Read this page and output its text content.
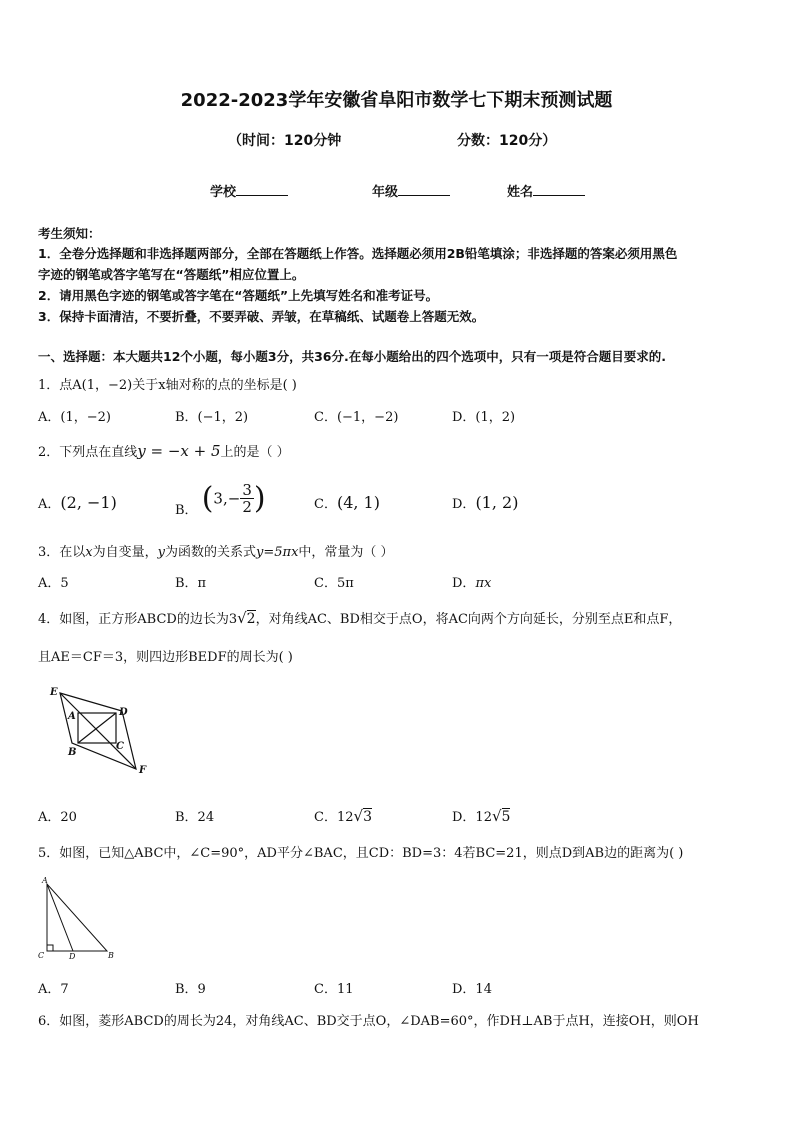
2022-2023学年安徽省阜阳市数学七下期末预测试题
（时间：120分钟	分数：120分）
学校	年级	姓名
考生须知：
1．全卷分选择题和非选择题两部分，全部在答题纸上作答。选择题必须用2B铅笔填涂；非选择题的答案必须用黑色
字迹的钢笔或答字笔写在“答题纸”相应位置上。
2．请用黑色字迹的钢笔或答字笔在“答题纸”上先填写姓名和准考证号。
3．保持卡面清洁，不要折叠，不要弄破、弄皱，在草稿纸、试题卷上答题无效。
一、选择题：本大题共12个小题，每小题3分，共36分.在每小题给出的四个选项中，只有一项是符合题目要求的.
1．点A(1，−2)关于x轴对称的点的坐标是( )
A．(1，−2)	B．(−1，2)	C．(−1，−2)	D．(1，2)
2．下列点在直线y = −x + 5上的是（ ）
A．(2, −1)	B． ($3,- \frac{3}{2}$ )	C．(4, 1)	D．(1, 2)
3．在以x为自变量，y为函数的关系式y=5πx中，常量为（ ）
A．5	B．π	C．5π	D．πx
4．如图，正方形ABCD的边长为3√2，对角线AC、BD相交于点O，将AC向两个方向延长，分别至点E和点F，
且AE＝CF＝3，则四边形BEDF的周长为( )
E
A	D
B
C
F
A．20	B．24	C．12√3	D．12√5
5．如图，已知△ABC中，∠C=90°，AD平分∠BAC，且CD：BD=3：4若BC=21，则点D到AB边的距离为( )
A
C	D	B
A．7	B．9	C．11	D．14
6．如图，菱形ABCD的周长为24，对角线AC、BD交于点O，∠DAB=60°，作DH⊥AB于点H，连接OH，则OH
